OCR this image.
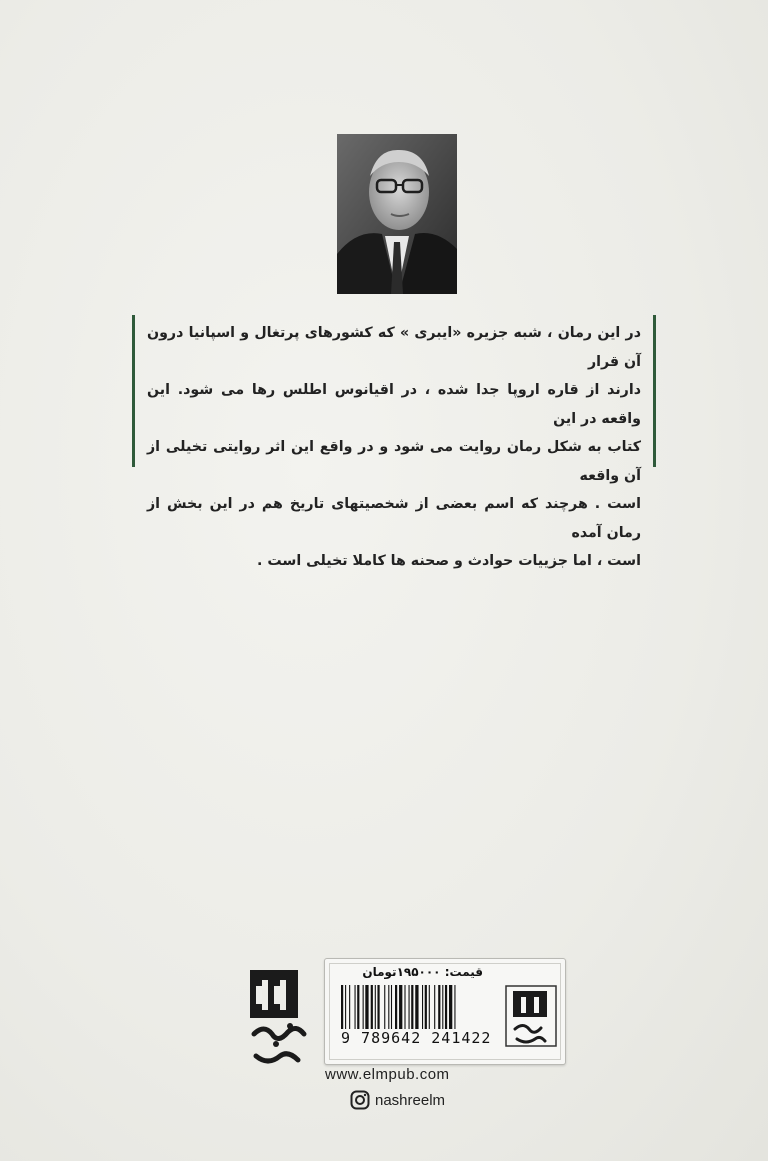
در این رمان ، شبه جزیره «ایبری » که کشورهای پرتغال و اسپانیا درون آن قرار
دارند از قاره اروپا جدا شده ، در اقیانوس اطلس رها می شود. این واقعه در این
کتاب به شکل رمان روایت می شود و در واقع این اثر روایتی تخیلی از آن واقعه
است . هرچند که اسم بعضی از شخصیتهای تاریخ هم در این بخش از رمان آمده
است ، اما جزییات حوادث و صحنه ها کاملا تخیلی است .
قیمت: ۱۹۵۰۰۰تومان
9 789642 241422
www.elmpub.com
nashreelm
